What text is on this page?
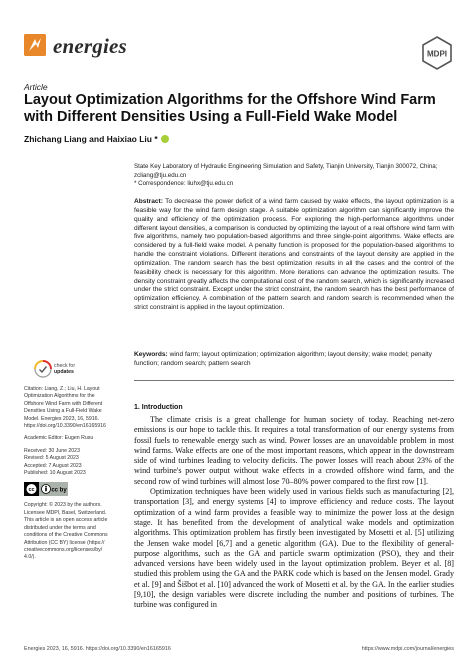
energies	MDPI
Article
Layout Optimization Algorithms for the Offshore Wind Farm with Different Densities Using a Full-Field Wake Model
Zhichang Liang and Haixiao Liu *
State Key Laboratory of Hydraulic Engineering Simulation and Safety, Tianjin University, Tianjin 300072, China;
zcliang@tju.edu.cn
* Correspondence: liuhx@tju.edu.cn
Abstract: To decrease the power deficit of a wind farm caused by wake effects, the layout optimization is a feasible way for the wind farm design stage. A suitable optimization algorithm can significantly improve the quality and efficiency of the optimization process. For exploring the high-performance algorithms under different layout densities, a comparison is conducted by optimizing the layout of a real offshore wind farm with five algorithms, namely two population-based algorithms and three single-point algorithms. Wake effects are considered by a full-field wake model. A penalty function is proposed for the population-based algorithms to handle the constraint violations. Different iterations and constraints of the layout density are applied in the optimization. The random search has the best optimization results in all the cases and the control of the feasibility check is necessary for this algorithm. More iterations can advance the optimization results. The density constraint greatly affects the computational cost of the random search, which is significantly increased under the strict constraint. Except under the strict constraint, the random search has the best performance of optimization efficiency. A combination of the pattern search and random search is recommended when the strict constraint is applied in the layout optimization.
Keywords: wind farm; layout optimization; optimization algorithm; layout density; wake model; penalty function; random search; pattern search
check for
updates
Citation: Liang, Z.; Liu, H. Layout
Optimization Algorithms for the
Offshore Wind Farm with Different
Densities Using a Full-Field Wake
Model. Energies 2023, 16, 5916.
https://doi.org/10.3390/en16165916
Academic Editor: Eugen Rusu
Received: 30 June 2023
Revised: 5 August 2023
Accepted: 7 August 2023
Published: 10 August 2023
cc	cc by
Copyright: © 2023 by the authors.
Licensee MDPI, Basel, Switzerland.
This article is an open access article
distributed under the terms and
conditions of the Creative Commons
Attribution (CC BY) license (https://
creativecommons.org/licenses/by/
4.0/).
1. Introduction

The climate crisis is a great challenge for human society of today. Reaching net-zero emissions is our hope to tackle this. It requires a total transformation of our energy systems from fossil fuels to renewable energy such as wind. Power losses are an unavoidable problem in most wind farms. Wake effects are one of the most important reasons, which appear in the downstream side of wind turbines leading to velocity deficits. The power losses will reach about 23% of the wind turbine's power output without wake effects in a crowded offshore wind farm, and the second row of wind turbines will almost lose 70–80% power compared to the first row [1].

Optimization techniques have been widely used in various fields such as manufacturing [2], transportation [3], and energy systems [4] to improve efficiency and reduce costs. The layout optimization of a wind farm provides a feasible way to minimize the power loss at the design stage. It has benefited from the development of analytical wake models and optimization algorithms. This optimization problem has firstly been investigated by Mosetti et al. [5] utilizing the Jensen wake model [6,7] and a genetic algorithm (GA). Due to the flexibility of general-purpose algorithms, such as the GA and particle swarm optimization (PSO), they and their advanced versions have been widely used in the layout optimization problem. Beyer et al. [8] studied this problem using the GA and the PARK code which is based on the Jensen model. Grady et al. [9] and Šišbot et al. [10] advanced the work of Mosetti et al. by the GA. In the earlier studies [9,10], the design variables were discrete including the number and positions of turbines. The turbine was configured in

Energies 2023, 16, 5916. https://doi.org/10.3390/en16165916	https://www.mdpi.com/journal/energies
